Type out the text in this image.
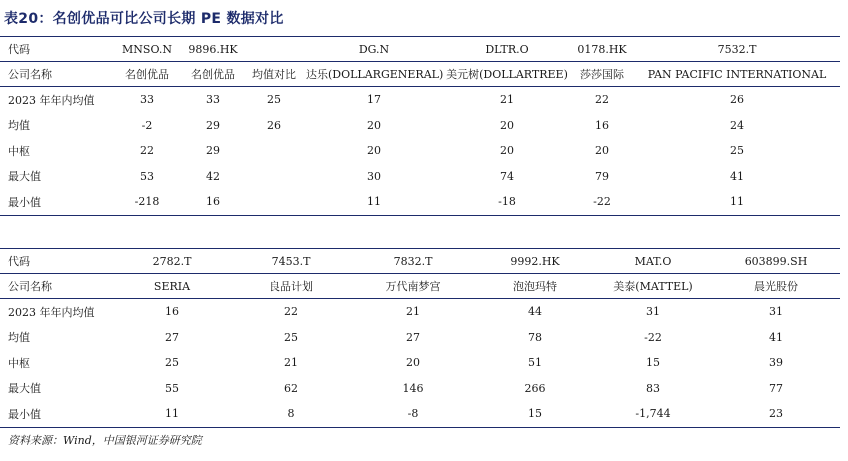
表20：名创优品可比公司长期 PE 数据对比
代码	MNSO.N	9896.HK		DG.N	DLTR.O	0178.HK	7532.T
公司名称	名创优品	名创优品	均值对比	达乐(DOLLARGENERAL)	美元树(DOLLARTREE)	莎莎国际	PAN PACIFIC INTERNATIONAL
2023 年年内均值	33	33	25	17	21	22	26
均值	-2	29	26	20	20	16	24
中枢	22	29		20	20	20	25
最大值	53	42		30	74	79	41
最小值	-218	16		11	-18	-22	11
代码	2782.T	7453.T	7832.T	9992.HK	MAT.O	603899.SH
公司名称	SERIA	良品计划	万代南梦宫	泡泡玛特	美泰(MATTEL)	晨光股份
2023 年年内均值	16	22	21	44	31	31
均值	27	25	27	78	-22	41
中枢	25	21	20	51	15	39
最大值	55	62	146	266	83	77
最小值	11	8	-8	15	-1,744	23
资料来源：Wind，中国银河证券研究院
